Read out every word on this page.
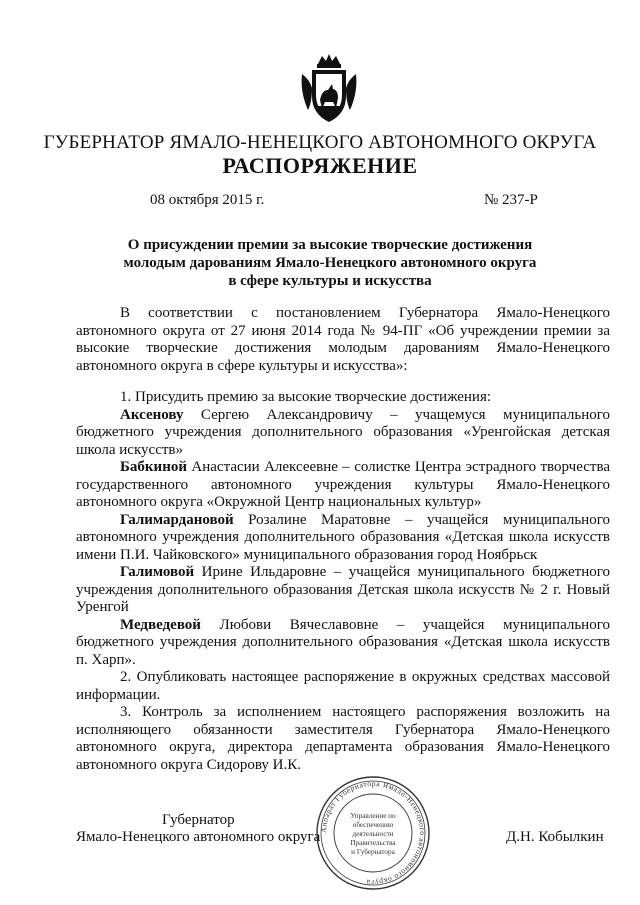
ГУБЕРНАТОР ЯМАЛО-НЕНЕЦКОГО АВТОНОМНОГО ОКРУГА
РАСПОРЯЖЕНИЕ
08 октября 2015 г.	№ 237-Р
О присуждении премии за высокие творческие достижения
молодым дарованиям Ямало-Ненецкого автономного округа
в сфере культуры и искусства

В соответствии с постановлением Губернатора Ямало-Ненецкого автономного округа от 27 июня 2014 года № 94-ПГ «Об учреждении премии за высокие творческие достижения молодым дарованиям Ямало-Ненецкого автономного округа в сфере культуры и искусства»:

1. Присудить премию за высокие творческие достижения:

Аксенову Сергею Александровичу – учащемуся муниципального бюджетного учреждения дополнительного образования «Уренгойская детская школа искусств»

Бабкиной Анастасии Алексеевне – солистке Центра эстрадного творчества государственного автономного учреждения культуры Ямало-Ненецкого автономного округа «Окружной Центр национальных культур»

Галимардановой Розалине Маратовне – учащейся муниципального автономного учреждения дополнительного образования «Детская школа искусств имени П.И. Чайковского» муниципального образования город Ноябрьск

Галимовой Ирине Ильдаровне – учащейся муниципального бюджетного учреждения дополнительного образования Детская школа искусств № 2 г. Новый Уренгой

Медведевой Любови Вячеславовне – учащейся муниципального бюджетного учреждения дополнительного образования «Детская школа искусств п. Харп».

2. Опубликовать настоящее распоряжение в окружных средствах массовой информации.

3. Контроль за исполнением настоящего распоряжения возложить на исполняющего обязанности заместителя Губернатора Ямало-Ненецкого автономного округа, директора департамента образования Ямало-Ненецкого автономного округа Сидорову И.К.

Губернатор
Ямало-Ненецкого автономного округа	Д.Н. Кобылкин
Аппарат Губернатора Ямало-Ненецкого автономного округа
Управление по
обеспечению
деятельности
Правительства
и Губернатора
